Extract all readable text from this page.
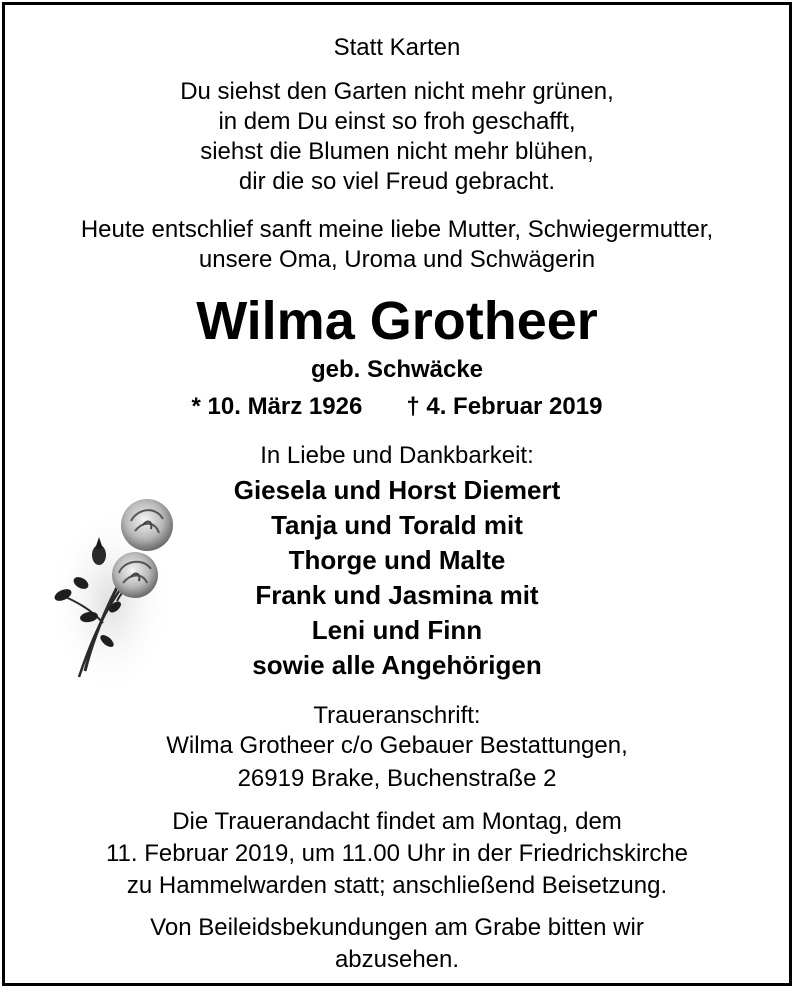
Statt Karten
Du siehst den Garten nicht mehr grünen,
in dem Du einst so froh geschafft,
siehst die Blumen nicht mehr blühen,
dir die so viel Freud gebracht.
Heute entschlief sanft meine liebe Mutter, Schwiegermutter,
unsere Oma, Uroma und Schwägerin
Wilma Grotheer
geb. Schwäcke
* 10. März 1926 † 4. Februar 2019
In Liebe und Dankbarkeit:
Giesela und Horst Diemert
Tanja und Torald mit
Thorge und Malte
Frank und Jasmina mit
Leni und Finn
sowie alle Angehörigen
Traueranschrift:
Wilma Grotheer c/o Gebauer Bestattungen,
26919 Brake, Buchenstraße 2
Die Trauerandacht findet am Montag, dem
11. Februar 2019, um 11.00 Uhr in der Friedrichskirche
zu Hammelwarden statt; anschließend Beisetzung.
Von Beileidsbekundungen am Grabe bitten wir
abzusehen.
